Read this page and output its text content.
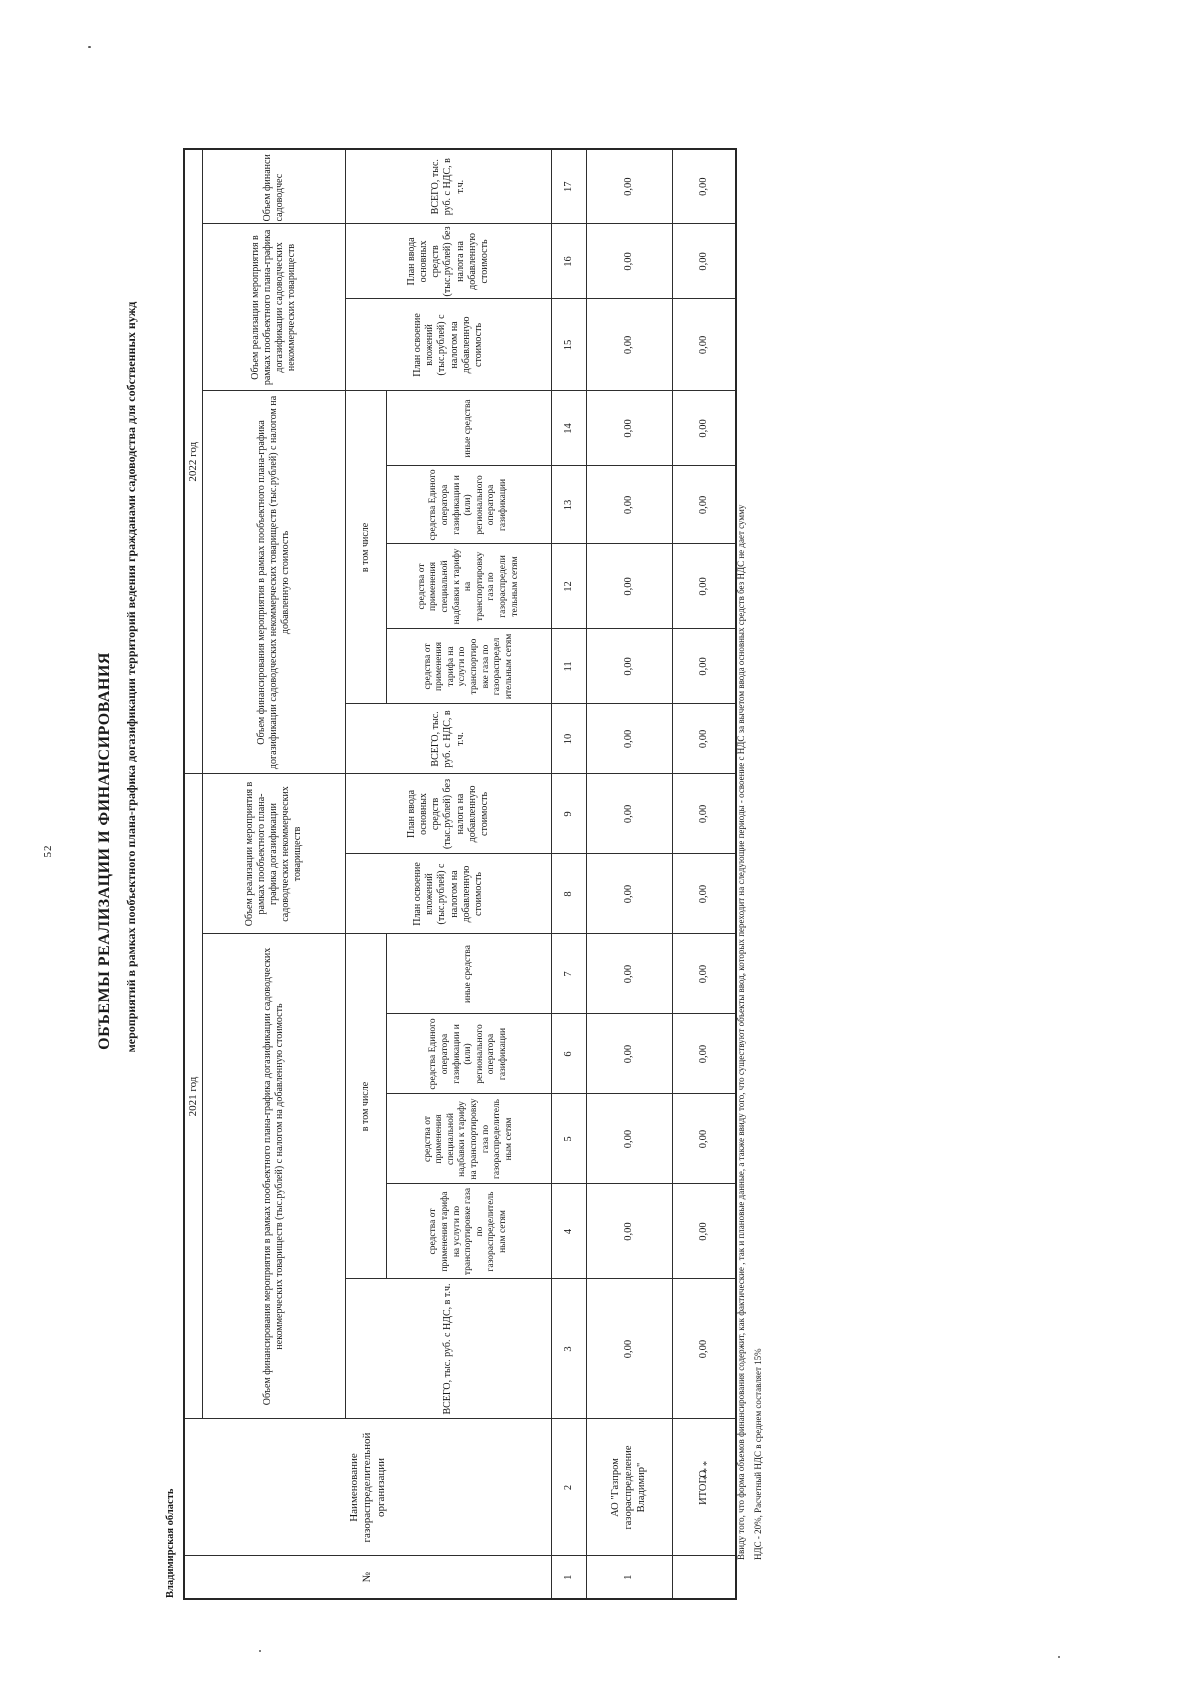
52	ОБЪЕМЫ РЕАЛИЗАЦИИ И ФИНАНСИРОВАНИЯ мероприятий в рамках пообъектного плана-графика догазификации территорий ведения гражданами садоводства для собственных нужд
Владимирская область	№	Наименование газораспределительной организации	2021 год							2022 год							
		Объем финансирования мероприятия в рамках пообъектного плана-графика догазификации садоводческих некоммерческих товариществ (тыс.рублей) с налогом на добавленную стоимость					Объем реализации мероприятия в рамках пообъектного плана-графика догазификации садоводческих некоммерческих товариществ		Объем финансирования мероприятия в рамках пообъектного плана-графика догазификации садоводческих некоммерческих товариществ (тыс.рублей) с налогом на добавленную стоимость					Объем реализации мероприятия в рамках пообъектного плана-графика догазификации садоводческих некоммерческих товариществ		Объем финанси садоводчес

		ВСЕГО, тыс. руб. с НДС, в т.ч.	в том числе				План освоение вложений (тыс.рублей) с налогом на добавленную стоимость	План ввода основных средств (тыс.рублей) без налога на добавленную стоимость	ВСЕГО, тыс. руб. с НДС, в т.ч.	в том числе				План освоение вложений (тыс.рублей) с налогом на добавленную стоимость	План ввода основных средств (тыс.рублей) без налога на добавленную стоимость	ВСЕГО, тыс. руб. с НДС, в т.ч.
			средства от применения тарифа на услуги по транспортировке газа по газораспределитель ным сетям	средства от применения специальной надбавки к тарифу на транспортировку газа по газораспределитель ным сетям	средства Единого оператора газификации и (или) регионального оператора газификации	иные средства				средства от применения тарифа на услуги по транспортиро вке газа по газораспредел ительным сетям	средства от применения специальной надбавки к тарифу на транспортировку газа по газораспредели тельным сетям	средства Единого оператора газификации и (или) регионального оператора газификации	иные средства			
1	2	3	4	5	6	7	8	9	10	11	12	13	14	15	16	17
1	АО "Газпром газораспределение Владимир"	0,00	0,00	0,00	0,00	0,00	0,00	0,00	0,00	0,00	0,00	0,00	0,00	0,00	0,00	0,00
	ИТОГО	0,00	0,00	0,00	0,00	0,00	0,00	0,00	0,00	0,00	0,00	0,00	0,00	0,00	0,00	0,00
***	Ввиду того, что форма объемов финансирования содержит, как фактические , так и плановые данные, а также ввиду того, что существуют объекты ввод, которых переходит на следующие периоды - освоение с НДС за вычетом ввода основных средств без НДС не дает сумму НДС - 20%, Расчетный НДС в среднем составляет 15%
